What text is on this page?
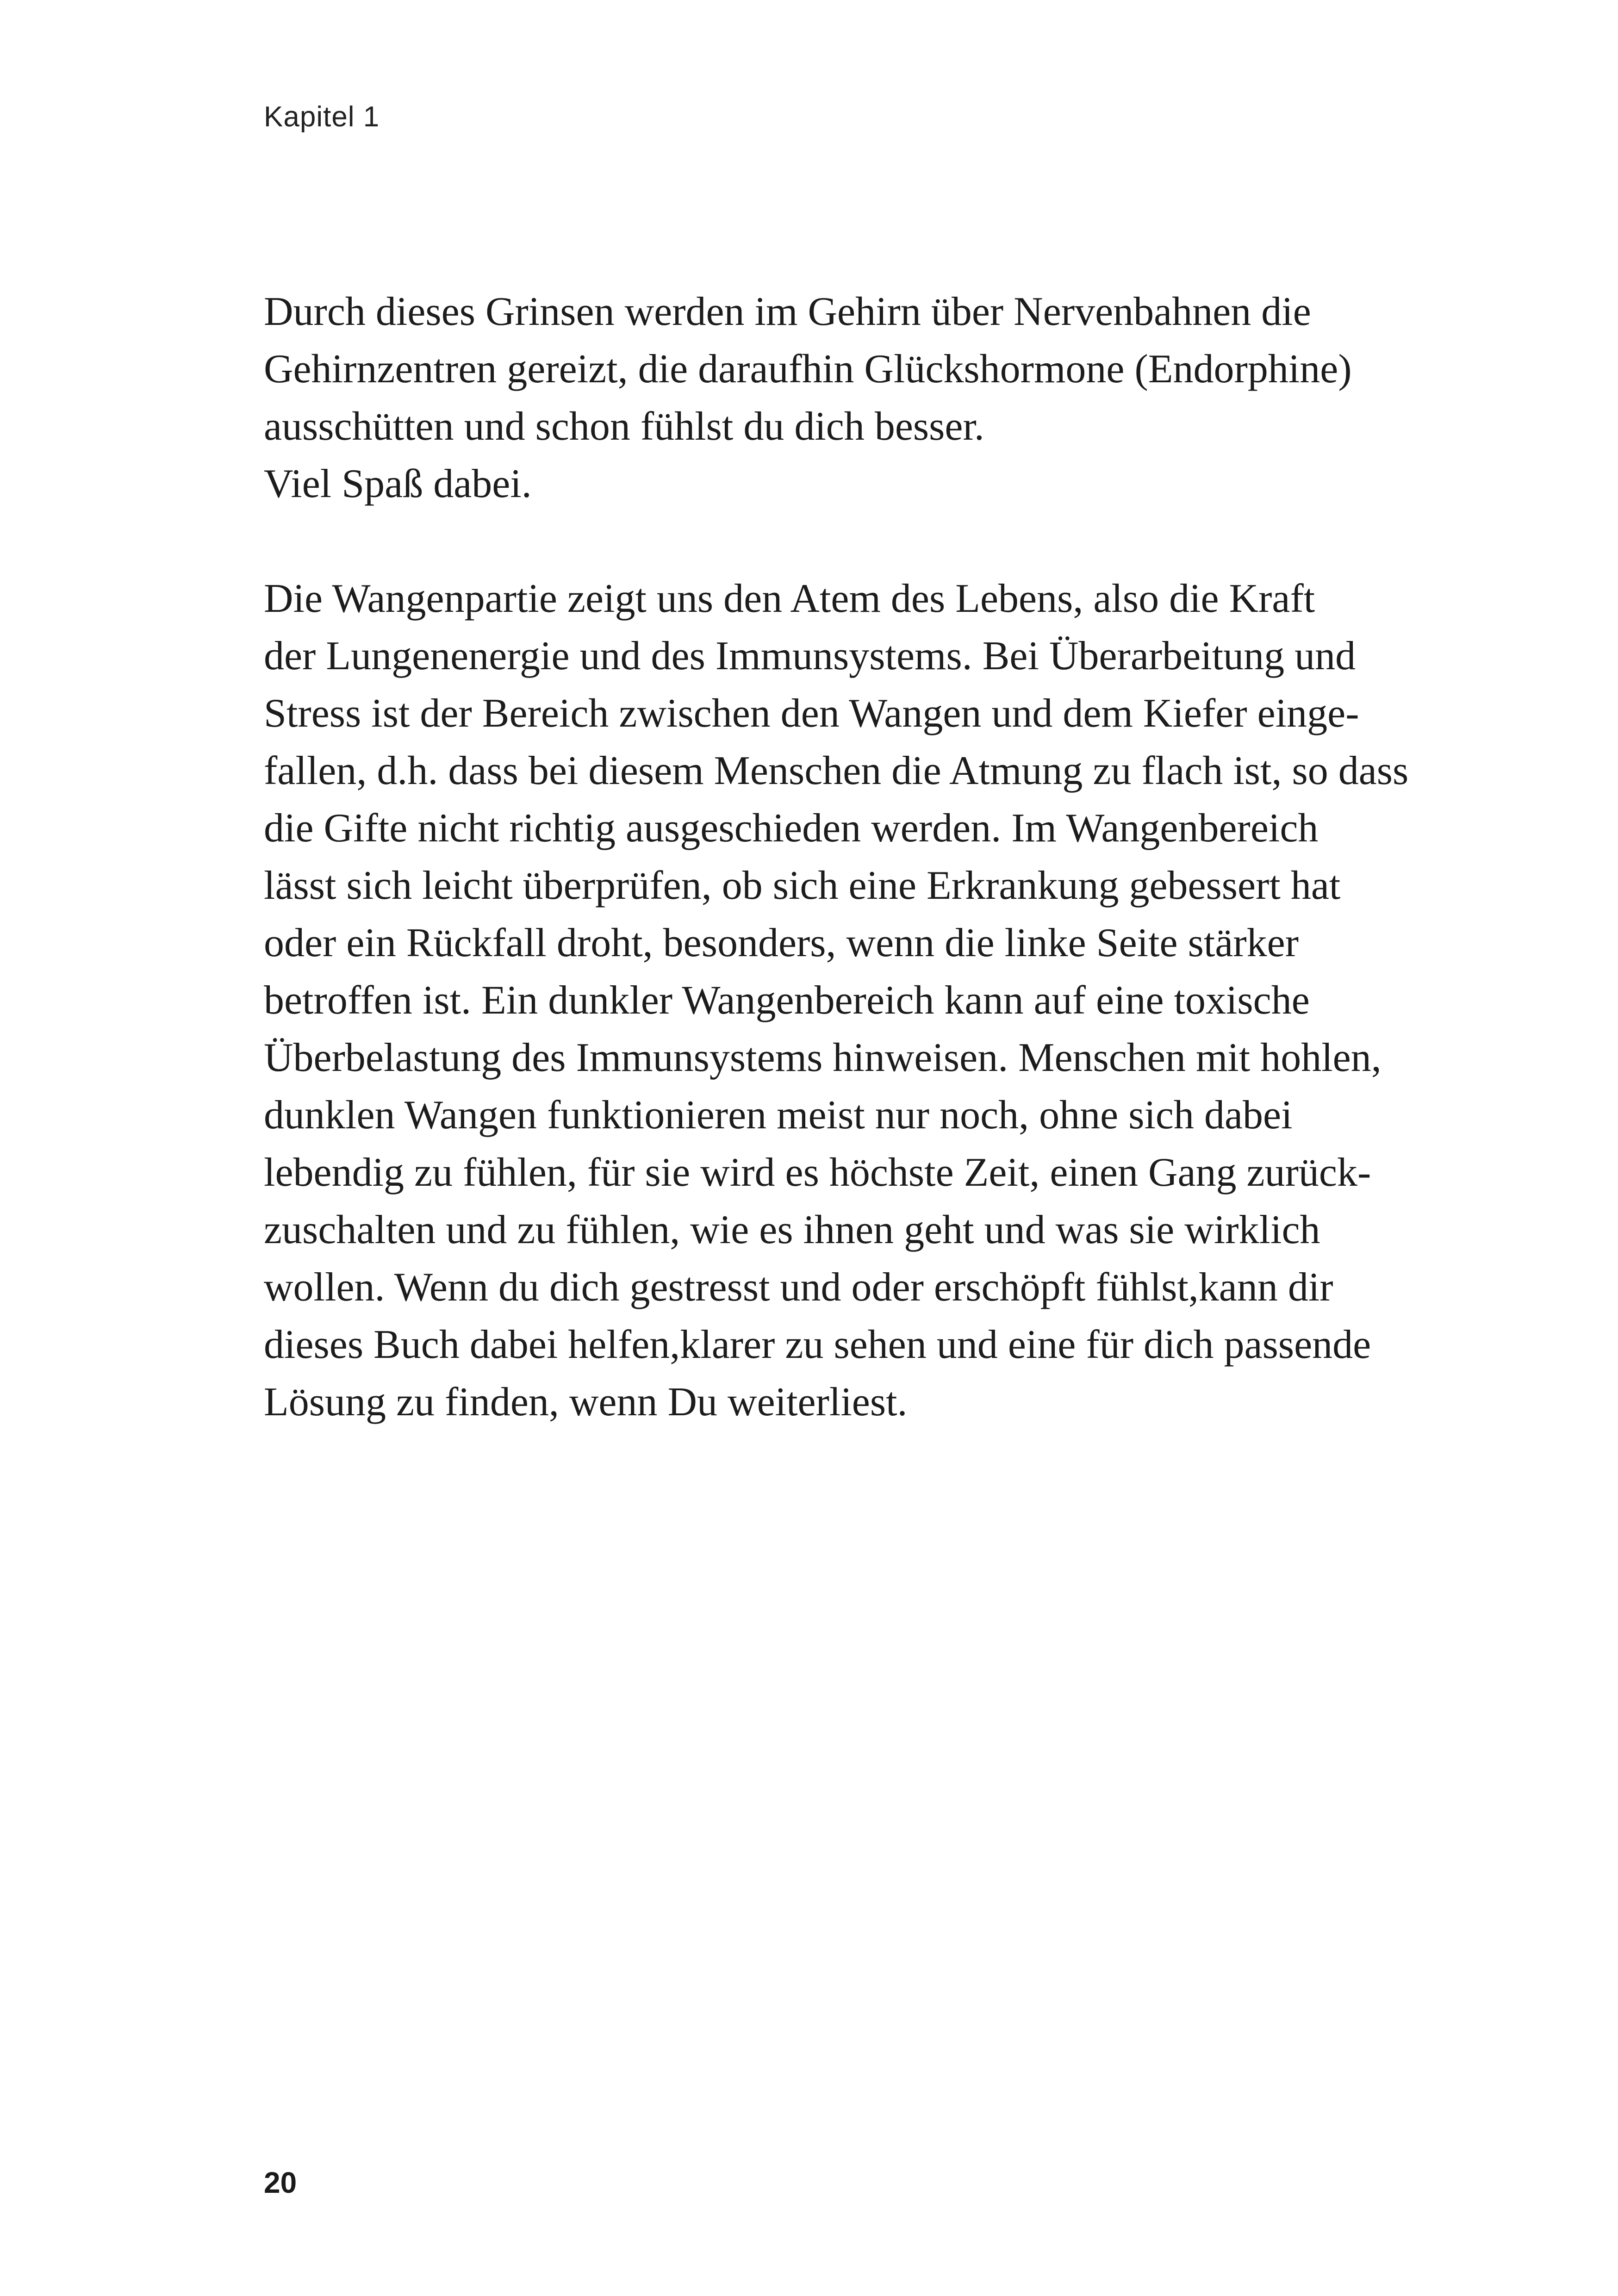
Kapitel 1

Durch dieses Grinsen werden im Gehirn über Nervenbahnen die
Gehirnzentren gereizt, die daraufhin Glückshormone (Endorphine)
ausschütten und schon fühlst du dich besser.
Viel Spaß dabei.

Die Wangenpartie zeigt uns den Atem des Lebens, also die Kraft
der Lungenenergie und des Immunsystems. Bei Überarbeitung und
Stress ist der Bereich zwischen den Wangen und dem Kiefer einge-
fallen, d.h. dass bei diesem Menschen die Atmung zu flach ist, so dass
die Gifte nicht richtig ausgeschieden werden. Im Wangenbereich
lässt sich leicht überprüfen, ob sich eine Erkrankung gebessert hat
oder ein Rückfall droht, besonders, wenn die linke Seite stärker
betroffen ist. Ein dunkler Wangenbereich kann auf eine toxische
Überbelastung des Immunsystems hinweisen. Menschen mit hohlen,
dunklen Wangen funktionieren meist nur noch, ohne sich dabei
lebendig zu fühlen, für sie wird es höchste Zeit, einen Gang zurück-
zuschalten und zu fühlen, wie es ihnen geht und was sie wirklich
wollen. Wenn du dich gestresst und oder erschöpft fühlst,kann dir
dieses Buch dabei helfen,klarer zu sehen und eine für dich passende
Lösung zu finden, wenn Du weiterliest.

20
